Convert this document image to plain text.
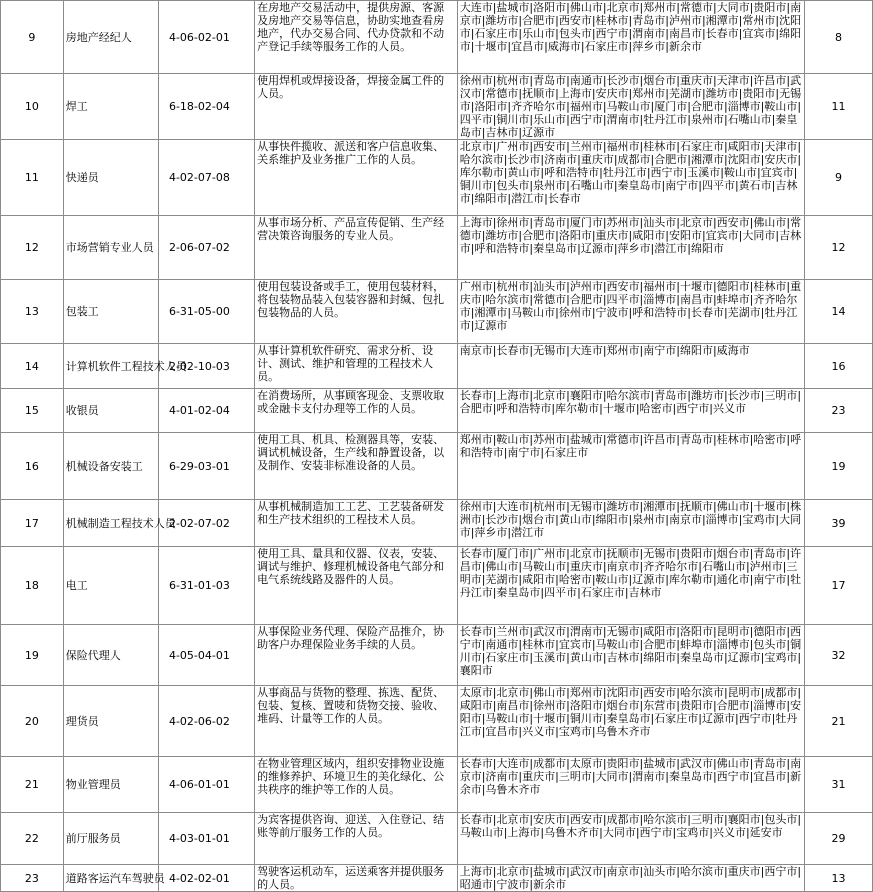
9	房地产经纪人	4-06-02-01	在房地产交易活动中，提供房源、客源及房地产交易等信息，协助实地查看房地产，代办交易合同、代办贷款和不动产登记手续等服务工作的人员。	大连市|盐城市|洛阳市|佛山市|北京市|郑州市|常德市|大同市|贵阳市|南京市|潍坊市|合肥市|西安市|桂林市|青岛市|泸州市|湘潭市|常州市|沈阳市|石家庄市|乐山市|包头市|西宁市|渭南市|南昌市|长春市|宜宾市|绵阳市|十堰市|宜昌市|威海市|石家庄市|萍乡市|新余市	8
10	焊工	6-18-02-04	使用焊机或焊接设备，焊接金属工件的人员。	徐州市|杭州市|青岛市|南通市|长沙市|烟台市|重庆市|天津市|许昌市|武汉市|常德市|抚顺市|上海市|安庆市|郑州市|芜湖市|潍坊市|贵阳市|无锡市|洛阳市|齐齐哈尔市|福州市|马鞍山市|厦门市|合肥市|淄博市|鞍山市|四平市|铜川市|乐山市|西宁市|渭南市|牡丹江市|泉州市|石嘴山市|秦皇岛市|吉林市|辽源市	11
11	快递员	4-02-07-08	从事快件揽收、派送和客户信息收集、关系维护及业务推广工作的人员。	北京市|广州市|西安市|兰州市|福州市|桂林市|石家庄市|咸阳市|天津市|哈尔滨市|长沙市|济南市|重庆市|成都市|合肥市|湘潭市|沈阳市|安庆市|库尔勒市|黄山市|呼和浩特市|牡丹江市|西宁市|玉溪市|鞍山市|宜宾市|铜川市|包头市|泉州市|石嘴山市|秦皇岛市|南宁市|四平市|黄石市|吉林市|绵阳市|潜江市|长春市	9
12	市场营销专业人员	2-06-07-02	从事市场分析、产品宣传促销、生产经营决策咨询服务的专业人员。	上海市|徐州市|青岛市|厦门市|苏州市|汕头市|北京市|西安市|佛山市|常德市|潍坊市|合肥市|洛阳市|重庆市|咸阳市|安阳市|宜宾市|大同市|吉林市|呼和浩特市|秦皇岛市|辽源市|萍乡市|潜江市|绵阳市	12
13	包装工	6-31-05-00	使用包装设备或手工，使用包装材料，将包装物品装入包装容器和封缄、包扎包装物品的人员。	广州市|杭州市|汕头市|泸州市|西安市|福州市|十堰市|德阳市|桂林市|重庆市|哈尔滨市|常德市|合肥市|四平市|淄博市|南昌市|蚌埠市|齐齐哈尔市|湘潭市|马鞍山市|徐州市|宁波市|呼和浩特市|长春市|芜湖市|牡丹江市|辽源市	14
14	计算机软件工程技术人员	2-02-10-03	从事计算机软件研究、需求分析、设计、测试、维护和管理的工程技术人员。	南京市|长春市|无锡市|大连市|郑州市|南宁市|绵阳市|威海市	16
15	收银员	4-01-02-04	在消费场所，从事顾客现金、支票收取或金融卡支付办理等工作的人员。	长春市|上海市|北京市|襄阳市|哈尔滨市|青岛市|潍坊市|长沙市|三明市|合肥市|呼和浩特市|库尔勒市|十堰市|哈密市|西宁市|兴义市	23
16	机械设备安装工	6-29-03-01	使用工具、机具、检测器具等，安装、调试机械设备，生产线和静置设备，以及制作、安装非标准设备的人员。	郑州市|鞍山市|苏州市|盐城市|常德市|许昌市|青岛市|桂林市|哈密市|呼和浩特市|南宁市|石家庄市	19
17	机械制造工程技术人员	2-02-07-02	从事机械制造加工工艺、工艺装备研发和生产技术组织的工程技术人员。	徐州市|大连市|杭州市|无锡市|潍坊市|湘潭市|抚顺市|佛山市|十堰市|株洲市|长沙市|烟台市|黄山市|绵阳市|泉州市|南京市|淄博市|宝鸡市|大同市|萍乡市|潜江市	39
18	电工	6-31-01-03	使用工具、量具和仪器、仪表，安装、调试与维护、修理机械设备电气部分和电气系统线路及器件的人员。	长春市|厦门市|广州市|北京市|抚顺市|无锡市|贵阳市|烟台市|青岛市|许昌市|佛山市|马鞍山市|重庆市|南京市|齐齐哈尔市|石嘴山市|泸州市|三明市|芜湖市|咸阳市|哈密市|鞍山市|辽源市|库尔勒市|通化市|南宁市|牡丹江市|秦皇岛市|四平市|石家庄市|吉林市	17
19	保险代理人	4-05-04-01	从事保险业务代理、保险产品推介，协助客户办理保险业务手续的人员。	长春市|兰州市|武汉市|渭南市|无锡市|咸阳市|洛阳市|昆明市|德阳市|西宁市|南通市|桂林市|宜宾市|马鞍山市|合肥市|蚌埠市|淄博市|包头市|铜川市|石家庄市|玉溪市|黄山市|吉林市|绵阳市|秦皇岛市|辽源市|宝鸡市|襄阳市	32
20	理货员	4-02-06-02	从事商品与货物的整理、拣选、配货、包装、复核、置唛和货物交接、验收、堆码、计量等工作的人员。	太原市|北京市|佛山市|郑州市|沈阳市|西安市|哈尔滨市|昆明市|成都市|咸阳市|南昌市|徐州市|洛阳市|烟台市|东营市|贵阳市|合肥市|淄博市|安阳市|马鞍山市|十堰市|铜川市|秦皇岛市|石家庄市|辽源市|西宁市|牡丹江市|宜昌市|兴义市|宝鸡市|乌鲁木齐市	21
21	物业管理员	4-06-01-01	在物业管理区域内，组织安排物业设施的维修养护、环境卫生的美化绿化、公共秩序的维护等工作的人员。	长春市|大连市|成都市|太原市|贵阳市|盐城市|武汉市|佛山市|青岛市|南京市|济南市|重庆市|三明市|大同市|渭南市|秦皇岛市|西宁市|宜昌市|新余市|乌鲁木齐市	31
22	前厅服务员	4-03-01-01	为宾客提供咨询、迎送、入住登记、结账等前厅服务工作的人员。	长春市|北京市|安庆市|西安市|成都市|哈尔滨市|三明市|襄阳市|包头市|马鞍山市|上海市|乌鲁木齐市|大同市|西宁市|宝鸡市|兴义市|延安市	29
23	道路客运汽车驾驶员	4-02-02-01	驾驶客运机动车，运送乘客并提供服务的人员。	上海市|北京市|盐城市|武汉市|南京市|汕头市|哈尔滨市|重庆市|西宁市|昭通市|宁波市|新余市	13
